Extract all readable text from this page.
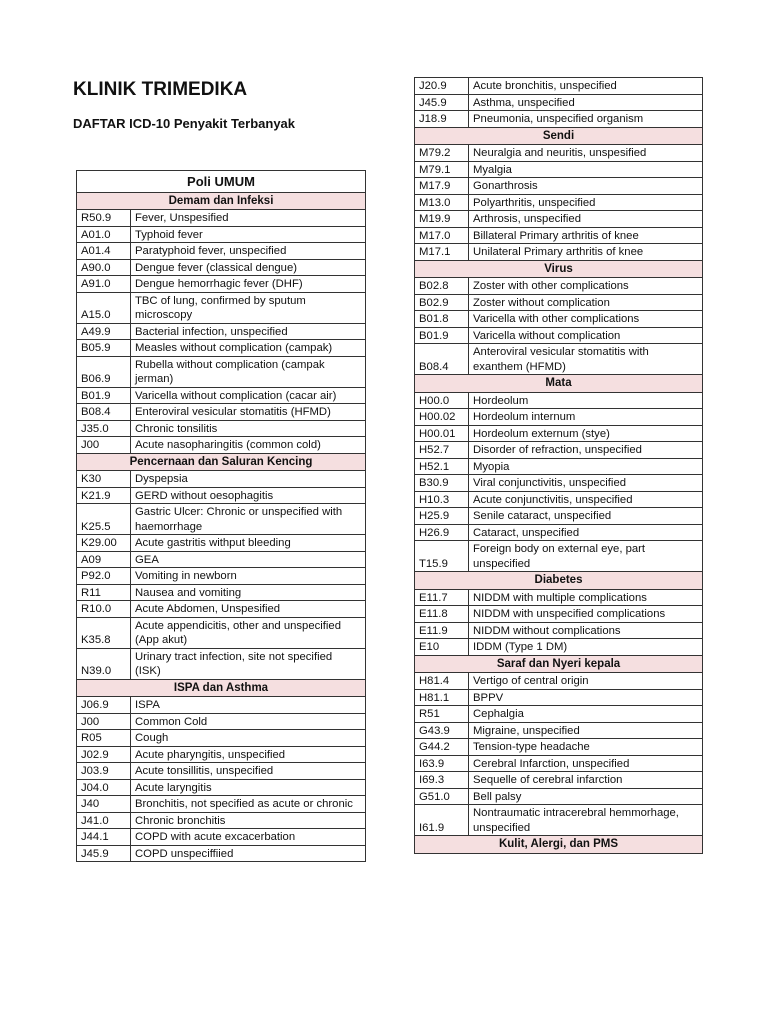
KLINIK TRIMEDIKA
DAFTAR ICD-10 Penyakit Terbanyak
Poli UMUM	
Demam dan Infeksi	
R50.9	Fever, Unspesified
A01.0	Typhoid fever
A01.4	Paratyphoid fever, unspecified
A90.0	Dengue fever (classical dengue)
A91.0	Dengue hemorrhagic fever (DHF)
A15.0	TBC of lung, confirmed by sputum microscopy
A49.9	Bacterial infection, unspecified
B05.9	Measles without complication (campak)
B06.9	Rubella without complication (campak jerman)
B01.9	Varicella without complication (cacar air)
B08.4	Enteroviral vesicular stomatitis (HFMD)
J35.0	Chronic tonsilitis
J00	Acute nasopharingitis (common cold)
Pencernaan dan Saluran Kencing	
K30	Dyspepsia
K21.9	GERD without oesophagitis
K25.5	Gastric Ulcer: Chronic or unspecified with haemorrhage
K29.00	Acute gastritis withput bleeding
A09	GEA
P92.0	Vomiting in newborn
R11	Nausea and vomiting
R10.0	Acute Abdomen, Unspesified
K35.8	Acute appendicitis, other and unspecified (App akut)
N39.0	Urinary tract infection, site not specified (ISK)
ISPA dan Asthma	
J06.9	ISPA
J00	Common Cold
R05	Cough
J02.9	Acute pharyngitis, unspecified
J03.9	Acute tonsillitis, unspecified
J04.0	Acute laryngitis
J40	Bronchitis, not specified as acute or chronic
J41.0	Chronic bronchitis
J44.1	COPD with acute excacerbation
J45.9	COPD unspeciffiied
J20.9	Acute bronchitis, unspecified
J45.9	Asthma, unspecified
J18.9	Pneumonia, unspecified organism
Sendi	
M79.2	Neuralgia and neuritis, unspesified
M79.1	Myalgia
M17.9	Gonarthrosis
M13.0	Polyarthritis, unspecified
M19.9	Arthrosis, unspecified
M17.0	Billateral Primary arthritis of knee
M17.1	Unilateral Primary arthritis of knee
Virus	
B02.8	Zoster with other complications
B02.9	Zoster without complication
B01.8	Varicella with other complications
B01.9	Varicella without complication
B08.4	Anteroviral vesicular stomatitis with exanthem (HFMD)
Mata	
H00.0	Hordeolum
H00.02	Hordeolum internum
H00.01	Hordeolum externum (stye)
H52.7	Disorder of refraction, unspecified
H52.1	Myopia
B30.9	Viral conjunctivitis, unspecified
H10.3	Acute conjunctivitis, unspecified
H25.9	Senile cataract, unspecified
H26.9	Cataract, unspecified
T15.9	Foreign body on external eye, part unspecified
Diabetes	
E11.7	NIDDM with multiple complications
E11.8	NIDDM with unspecified complications
E11.9	NIDDM without complications
E10	IDDM (Type 1 DM)
Saraf dan Nyeri kepala	
H81.4	Vertigo of central origin
H81.1	BPPV
R51	Cephalgia
G43.9	Migraine, unspecified
G44.2	Tension-type headache
I63.9	Cerebral Infarction, unspecified
I69.3	Sequelle of cerebral infarction
G51.0	Bell palsy
I61.9	Nontraumatic intracerebral hemmorhage, unspecified
Kulit, Alergi, dan PMS	
